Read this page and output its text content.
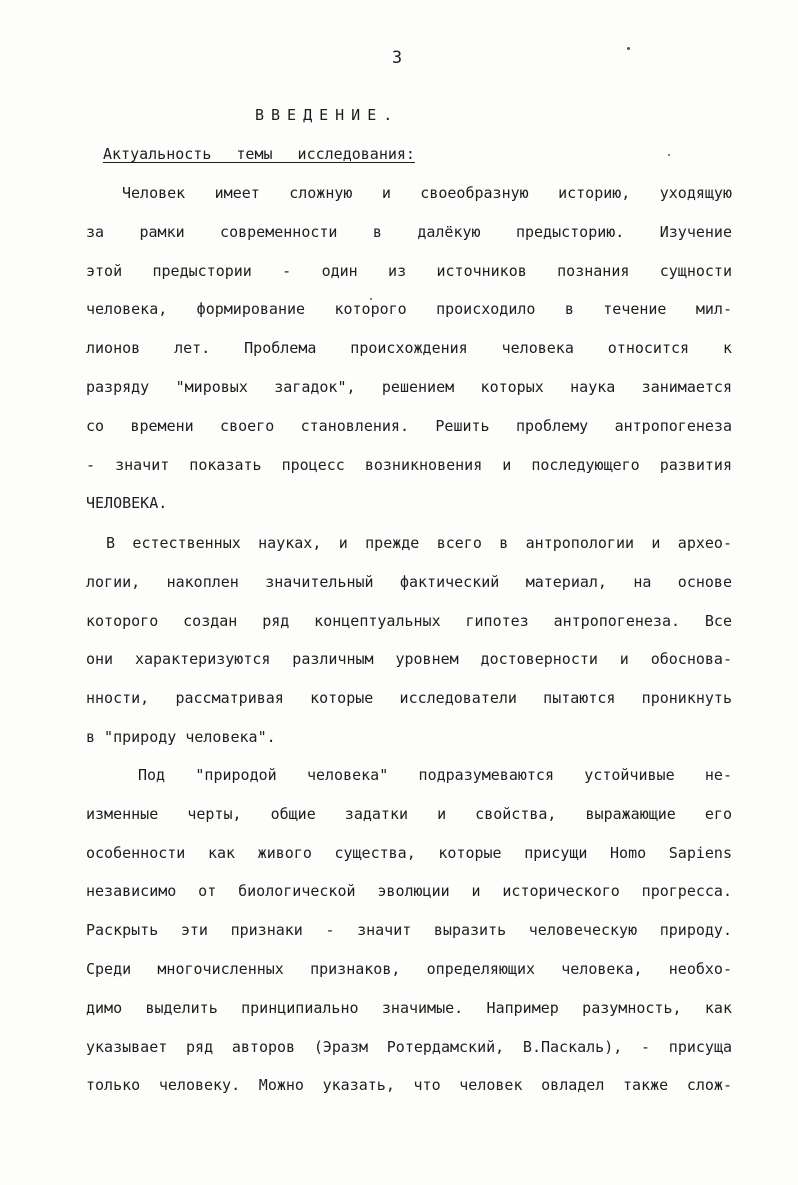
3
ВВЕДЕНИЕ.
Актуальность темы исследования:
Человек имеет сложную и своеобразную историю, уходящую
за рамки современности в далёкую предысторию. Изучение
этой предыстории - один из источников познания сущности
человека, формирование которого происходило в течение мил-
лионов лет. Проблема происхождения человека относится к
разряду "мировых загадок", решением которых наука занимается
со времени своего становления. Решить проблему антропогенеза
- значит показать процесс возникновения и последующего развития
ЧЕЛОВЕКА.
В естественных науках, и прежде всего в антропологии и архео-
логии, накоплен значительный фактический материал, на основе
которого создан ряд концептуальных гипотез антропогенеза. Все
они характеризуются различным уровнем достоверности и обоснова-
нности, рассматривая которые исследователи пытаются проникнуть
в "природу человека".
Под "природой человека" подразумеваются устойчивые не-
изменные черты, общие задатки и свойства, выражающие его
особенности как живого существа, которые присущи Homo Sapiens
независимо от биологической эволюции и исторического прогресса.
Раскрыть эти признаки - значит выразить человеческую природу.
Среди многочисленных признаков, определяющих человека, необхо-
димо выделить принципиально значимые. Например разумность, как
указывает ряд авторов (Эразм Ротердамский, В.Паскаль), - присуща
только человеку. Можно указать, что человек овладел также слож-
